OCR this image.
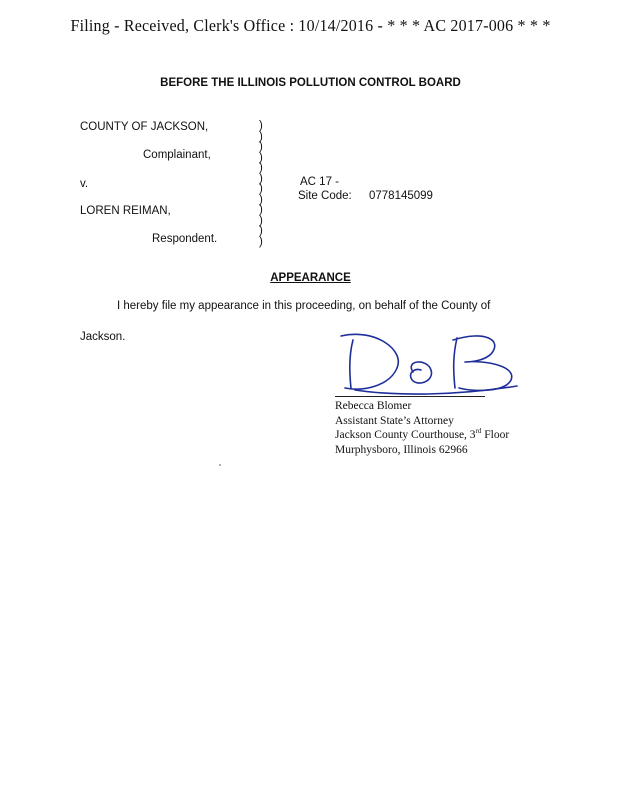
Filing - Received, Clerk's Office : 10/14/2016 - * * * AC 2017-006 * * *
BEFORE THE ILLINOIS POLLUTION CONTROL BOARD
COUNTY OF JACKSON,
Complainant,
v.
LOREN REIMAN,
Respondent.
)
)
)
)
)
)
)
)
)
)
)
)
AC 17 -
Site Code: 0778145099
APPEARANCE
I hereby file my appearance in this proceeding, on behalf of the County of
Jackson.
Rebecca Blomer
Assistant State’s Attorney
Jackson County Courthouse, 3rd Floor
Murphysboro, Illinois 62966
